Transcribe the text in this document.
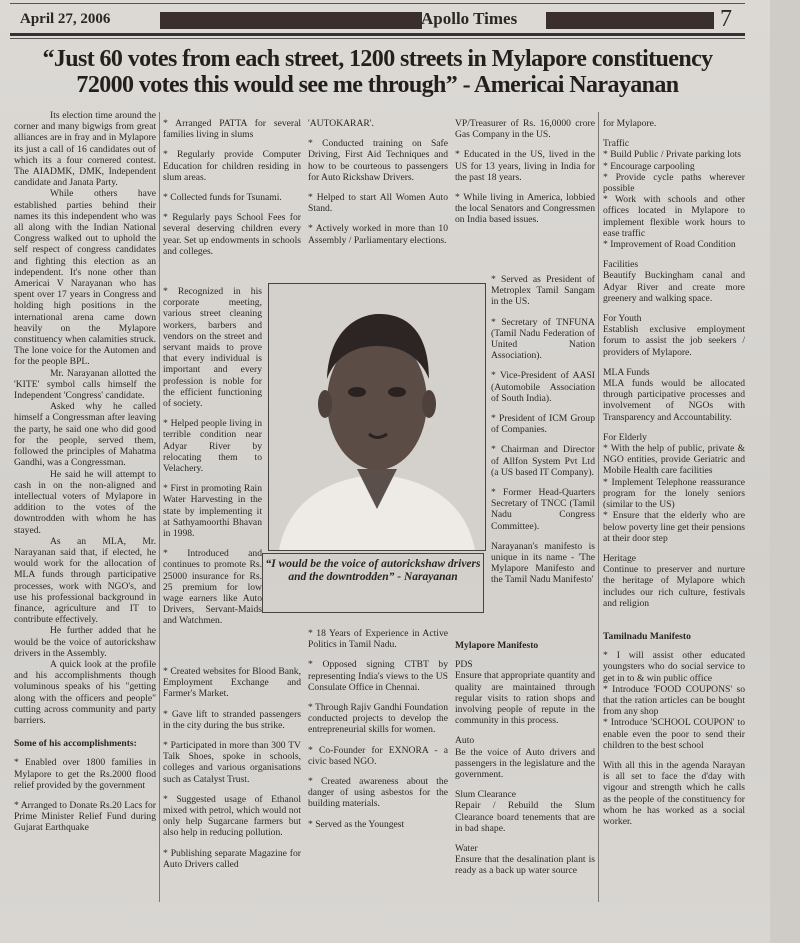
April 27, 2006	Apollo Times	7
“Just 60 votes from each street, 1200 streets in Mylapore constituency
72000 votes this would see me through” - Americai Narayanan

Its election time around the corner and many bigwigs from great alliances are in fray and in Mylapore its just a call of 16 candidates out of which its a four cornered contest. The AIADMK, DMK, Independent candidate and Janata Party.

While others have established parties behind their names its this independent who was all along with the Indian National Congress walked out to uphold the self respect of congress candidates and fighting this election as an independent. It's none other than Americai V Narayanan who has spent over 17 years in Congress and holding high positions in the international arena came down heavily on the Mylapore constituency when calamities struck. The lone voice for the Automen and for the people BPL.

Mr. Narayanan allotted the 'KITE' symbol calls himself the Independent 'Congress' candidate.

Asked why he called himself a Congressman after leaving the party, he said one who did good for the people, served them, followed the principles of Mahatma Gandhi, was a Congressman.

He said he will attempt to cash in on the non-aligned and intellectual voters of Mylapore in addition to the votes of the downtrodden with whom he has stayed.

As an MLA, Mr. Narayanan said that, if elected, he would work for the allocation of MLA funds through participative processes, work with NGO's, and use his professional background in finance, agriculture and IT to contribute effectively.

He further added that he would be the voice of autorickshaw drivers in the Assembly.

A quick look at the profile and his accomplishments though voluminous speaks of his "getting along with the officers and people" cutting across community and party barriers.

Some of his accomplishments:

* Enabled over 1800 families in Mylapore to get the Rs.2000 flood relief provided by the government

* Arranged to Donate Rs.20 Lacs for Prime Minister Relief Fund during Gujarat Earthquake

* Arranged PATTA for several families living in slums

* Regularly provide Computer Education for children residing in slum areas.

* Collected funds for Tsunami.

* Regularly pays School Fees for several deserving children every year. Set up endowments in schools and colleges.

* Recognized in his corporate meeting, various street cleaning workers, barbers and vendors on the street and servant maids to prove that every individual is important and every profession is noble for the efficient functioning of society.

* Helped people living in terrible condition near Adyar River by relocating them to Velachery.

* First in promoting Rain Water Harvesting in the state by implementing it at Sathyamoorthi Bhavan in 1998.

* Introduced and continues to promote Rs. 25000 insurance for Rs. 25 premium for low wage earners like Auto Drivers, Servant-Maids and Watchmen.

* Created websites for Blood Bank, Employment Exchange and Farmer's Market.

* Gave lift to stranded passengers in the city during the bus strike.

* Participated in more than 300 TV Talk Shoes, spoke in schools, colleges and various organisations such as Catalyst Trust.

* Suggested usage of Ethanol mixed with petrol, which would not only help Sugarcane farmers but also help in reducing pollution.

* Publishing separate Magazine for Auto Drivers called

'AUTOKARAR'.

* Conducted training on Safe Driving, First Aid Techniques and how to be courteous to passengers for Auto Rickshaw Drivers.

* Helped to start All Women Auto Stand.

* Actively worked in more than 10 Assembly / Parliamentary elections.

“I would be the voice of autorickshaw drivers and the downtrodden” - Narayanan

* 18 Years of Experience in Active Politics in Tamil Nadu.

* Opposed signing CTBT by representing India's views to the US Consulate Office in Chennai.

* Through Rajiv Gandhi Foundation conducted projects to develop the entrepreneurial skills for women.

* Co-Founder for EXNORA - a civic based NGO.

* Created awareness about the danger of using asbestos for the building materials.

* Served as the Youngest

VP/Treasurer of Rs. 16,0000 crore Gas Company in the US.

* Educated in the US, lived in the US for 13 years, living in India for the past 18 years.

* While living in America, lobbied the local Senators and Congressmen on India based issues.

* Served as President of Metroplex Tamil Sangam in the US.

* Secretary of TNFUNA (Tamil Nadu Federation of United Nation Association).

* Vice-President of AASI (Automobile Association of South India).

* President of ICM Group of Companies.

* Chairman and Director of Allfon System Pvt Ltd (a US based IT Company).

* Former Head-Quarters Secretary of TNCC (Tamil Nadu Congress Committee).

Narayanan's manifesto is unique in its name - 'The Mylapore Manifesto and the Tamil Nadu Manifesto'

Mylapore Manifesto

PDS

Ensure that appropriate quantity and quality are maintained through regular visits to ration shops and involving people of repute in the community in this process.

Auto

Be the voice of Auto drivers and passengers in the legislature and the government.

Slum Clearance

Repair / Rebuild the Slum Clearance board tenements that are in bad shape.

Water

Ensure that the desalination plant is ready as a back up water source

for Mylapore.

Traffic

* Build Public / Private parking lots

* Encourage carpooling

* Provide cycle paths wherever possible

* Work with schools and other offices located in Mylapore to implement flexible work hours to ease traffic

* Improvement of Road Condition

Facilities

Beautify Buckingham canal and Adyar River and create more greenery and walking space.

For Youth

Establish exclusive employment forum to assist the job seekers / providers of Mylapore.

MLA Funds

MLA funds would be allocated through participative processes and involvement of NGOs with Transparency and Accountability.

For Elderly

* With the help of public, private & NGO entities, provide Geriatric and Mobile Health care facilities

* Implement Telephone reassurance program for the lonely seniors (similar to the US)

* Ensure that the elderly who are below poverty line get their pensions at their door step

Heritage

Continue to preserver and nurture the heritage of Mylapore which includes our rich culture, festivals and religion

Tamilnadu Manifesto

* I will assist other educated youngsters who do social service to get in to & win public office

* Introduce 'FOOD COUPONS' so that the ration articles can be bought from any shop

* Introduce 'SCHOOL COUPON' to enable even the poor to send their children to the best school

With all this in the agenda Narayan is all set to face the d'day with vigour and strength which he calls as the people of the constituency for whom he has worked as a social worker.
